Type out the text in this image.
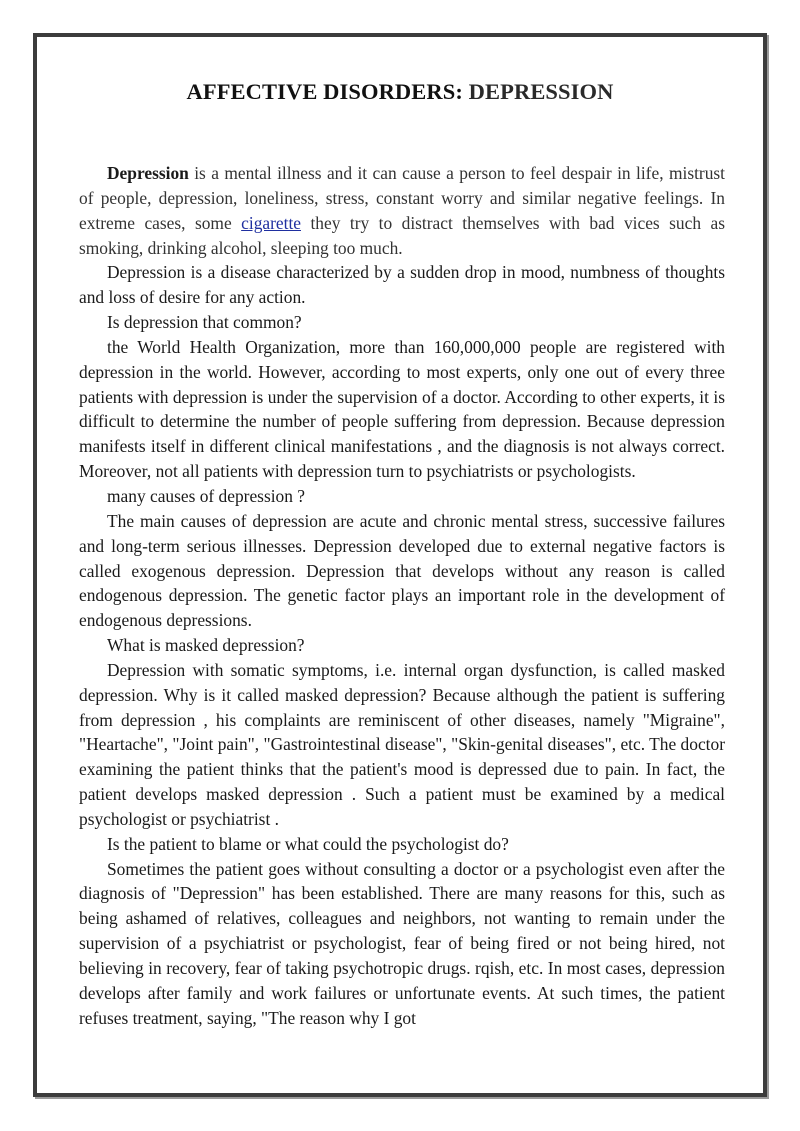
AFFECTIVE DISORDERS: DEPRESSION

Depression is a mental illness and it can cause a person to feel despair in life, mistrust of people, depression, loneliness, stress, constant worry and similar negative feelings. In extreme cases, some cigarette they try to distract themselves with bad vices such as smoking, drinking alcohol, sleeping too much.

Depression is a disease characterized by a sudden drop in mood, numbness of thoughts and loss of desire for any action.

Is depression that common?

the World Health Organization, more than 160,000,000 people are registered with depression in the world. However, according to most experts, only one out of every three patients with depression is under the supervision of a doctor. According to other experts, it is difficult to determine the number of people suffering from depression. Because depression manifests itself in different clinical manifestations , and the diagnosis is not always correct. Moreover, not all patients with depression turn to psychiatrists or psychologists.

many causes of depression ?

The main causes of depression are acute and chronic mental stress, successive failures and long-term serious illnesses. Depression developed due to external negative factors is called exogenous depression. Depression that develops without any reason is called endogenous depression. The genetic factor plays an important role in the development of endogenous depressions.

What is masked depression?

Depression with somatic symptoms, i.e. internal organ dysfunction, is called masked depression. Why is it called masked depression? Because although the patient is suffering from depression , his complaints are reminiscent of other diseases, namely "Migraine", "Heartache", "Joint pain", "Gastrointestinal disease", "Skin-genital diseases", etc. The doctor examining the patient thinks that the patient's mood is depressed due to pain. In fact, the patient develops masked depression . Such a patient must be examined by a medical psychologist or psychiatrist .

Is the patient to blame or what could the psychologist do?

Sometimes the patient goes without consulting a doctor or a psychologist even after the diagnosis of "Depression" has been established. There are many reasons for this, such as being ashamed of relatives, colleagues and neighbors, not wanting to remain under the supervision of a psychiatrist or psychologist, fear of being fired or not being hired, not believing in recovery, fear of taking psychotropic drugs. rqish, etc. In most cases, depression develops after family and work failures or unfortunate events. At such times, the patient refuses treatment, saying, "The reason why I got
